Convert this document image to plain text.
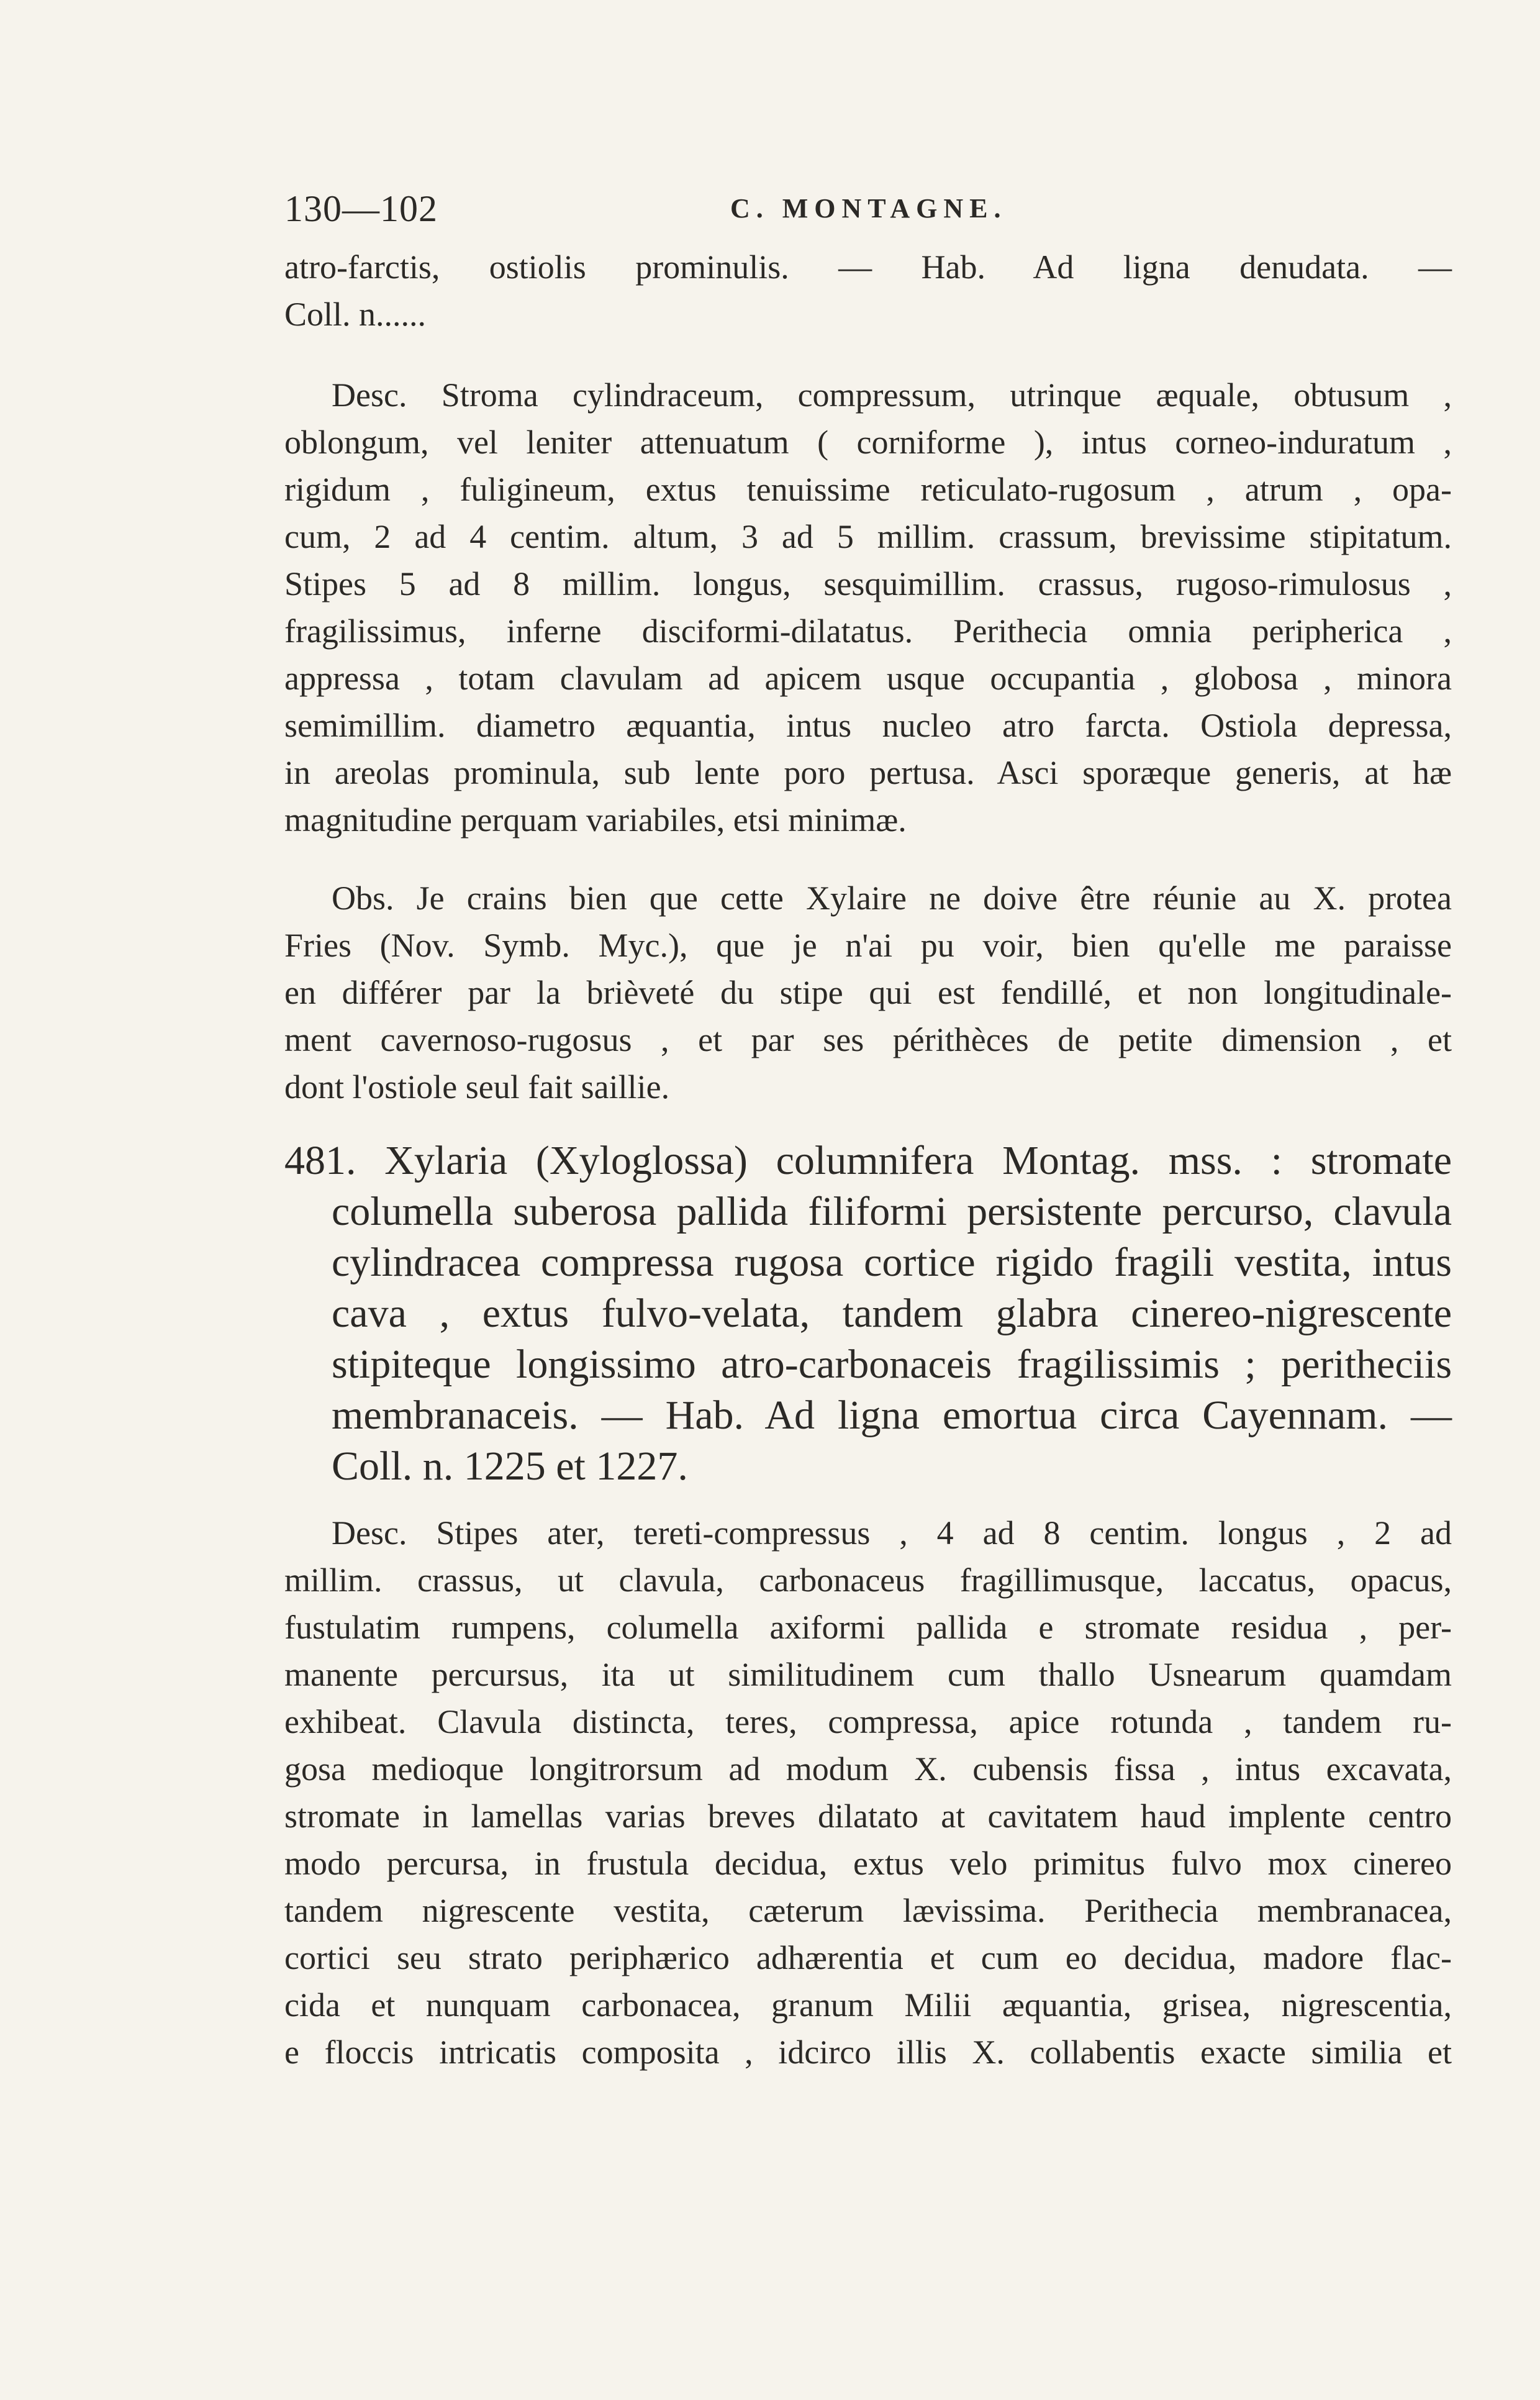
130—102	C. MONTAGNE.
atro-farctis, ostiolis prominulis. — Hab. Ad ligna denudata. —
Coll. n......
Desc. Stroma cylindraceum, compressum, utrinque æquale, obtusum ,
oblongum, vel leniter attenuatum ( corniforme ), intus corneo-induratum ,
rigidum , fuligineum, extus tenuissime reticulato-rugosum , atrum , opa-
cum, 2 ad 4 centim. altum, 3 ad 5 millim. crassum, brevissime stipitatum.
Stipes 5 ad 8 millim. longus, sesquimillim. crassus, rugoso-rimulosus ,
fragilissimus, inferne disciformi-dilatatus. Perithecia omnia peripherica ,
appressa , totam clavulam ad apicem usque occupantia , globosa , minora
semimillim. diametro æquantia, intus nucleo atro farcta. Ostiola depressa,
in areolas prominula, sub lente poro pertusa. Asci sporæque generis, at hæ
magnitudine perquam variabiles, etsi minimæ.
Obs. Je crains bien que cette Xylaire ne doive être réunie au X. protea
Fries (Nov. Symb. Myc.), que je n'ai pu voir, bien qu'elle me paraisse
en différer par la brièveté du stipe qui est fendillé, et non longitudinale-
ment cavernoso-rugosus , et par ses périthèces de petite dimension , et
dont l'ostiole seul fait saillie.
481. Xylaria (Xyloglossa) columnifera Montag. mss. : stromate
columella suberosa pallida filiformi persistente percurso, clavula
cylindracea compressa rugosa cortice rigido fragili vestita, intus
cava , extus fulvo-velata, tandem glabra cinereo-nigrescente
stipiteque longissimo atro-carbonaceis fragilissimis ; peritheciis
membranaceis. — Hab. Ad ligna emortua circa Cayennam. —
Coll. n. 1225 et 1227.
Desc. Stipes ater, tereti-compressus , 4 ad 8 centim. longus , 2 ad
millim. crassus, ut clavula, carbonaceus fragillimusque, laccatus, opacus,
fustulatim rumpens, columella axiformi pallida e stromate residua , per-
manente percursus, ita ut similitudinem cum thallo Usnearum quamdam
exhibeat. Clavula distincta, teres, compressa, apice rotunda , tandem ru-
gosa medioque longitrorsum ad modum X. cubensis fissa , intus excavata,
stromate in lamellas varias breves dilatato at cavitatem haud implente centro
modo percursa, in frustula decidua, extus velo primitus fulvo mox cinereo
tandem nigrescente vestita, cæterum lævissima. Perithecia membranacea,
cortici seu strato periphærico adhærentia et cum eo decidua, madore flac-
cida et nunquam carbonacea, granum Milii æquantia, grisea, nigrescentia,
e floccis intricatis composita , idcirco illis X. collabentis exacte similia et
